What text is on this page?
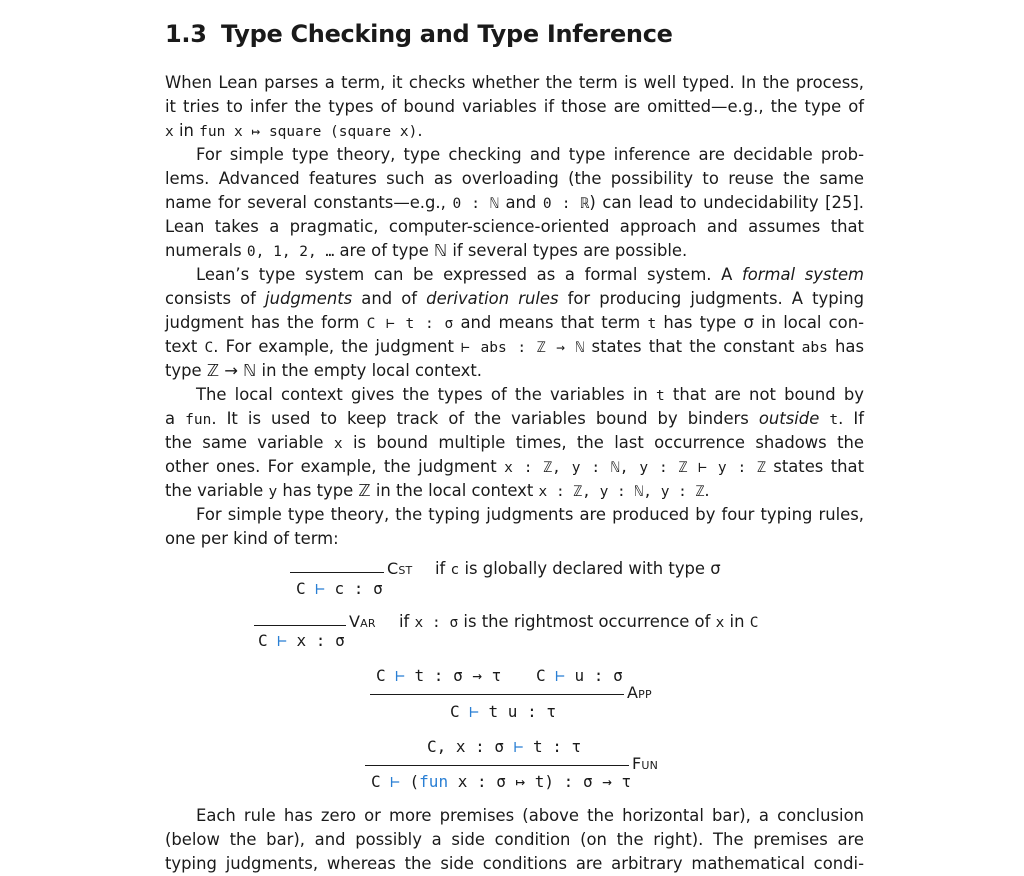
1.3 Type Checking and Type Inference
When Lean parses a term, it checks whether the term is well typed. In the process,
it tries to infer the types of bound variables if those are omitted—e.g., the type of
x in fun x ↦ square (square x).
For simple type theory, type checking and type inference are decidable prob-
lems. Advanced features such as overloading (the possibility to reuse the same
name for several constants—e.g., 0 : ℕ and 0 : ℝ) can lead to undecidability [25].
Lean takes a pragmatic, computer-science-oriented approach and assumes that
numerals 0, 1, 2, … are of type ℕ if several types are possible.
Lean’s type system can be expressed as a formal system. A formal system
consists of judgments and of derivation rules for producing judgments. A typing
judgment has the form C ⊢ t : σ and means that term t has type σ in local con-
text C. For example, the judgment ⊢ abs : ℤ → ℕ states that the constant abs has
type ℤ → ℕ in the empty local context.
The local context gives the types of the variables in t that are not bound by
a fun. It is used to keep track of the variables bound by binders outside t. If
the same variable x is bound multiple times, the last occurrence shadows the
other ones. For example, the judgment x : ℤ, y : ℕ, y : ℤ ⊢ y : ℤ states that
the variable y has type ℤ in the local context x : ℤ, y : ℕ, y : ℤ.
For simple type theory, the typing judgments are produced by four typing rules,
one per kind of term:
Cst
C ⊢ c : σ
if c is globally declared with type σ
Var
C ⊢ x : σ
if x : σ is the rightmost occurrence of x in C
C ⊢ t : σ → τ C ⊢ u : σ
App
C ⊢ t u : τ
C, x : σ ⊢ t : τ
Fun
C ⊢ (fun x : σ ↦ t) : σ → τ
Each rule has zero or more premises (above the horizontal bar), a conclusion
(below the bar), and possibly a side condition (on the right). The premises are
typing judgments, whereas the side conditions are arbitrary mathematical condi-
